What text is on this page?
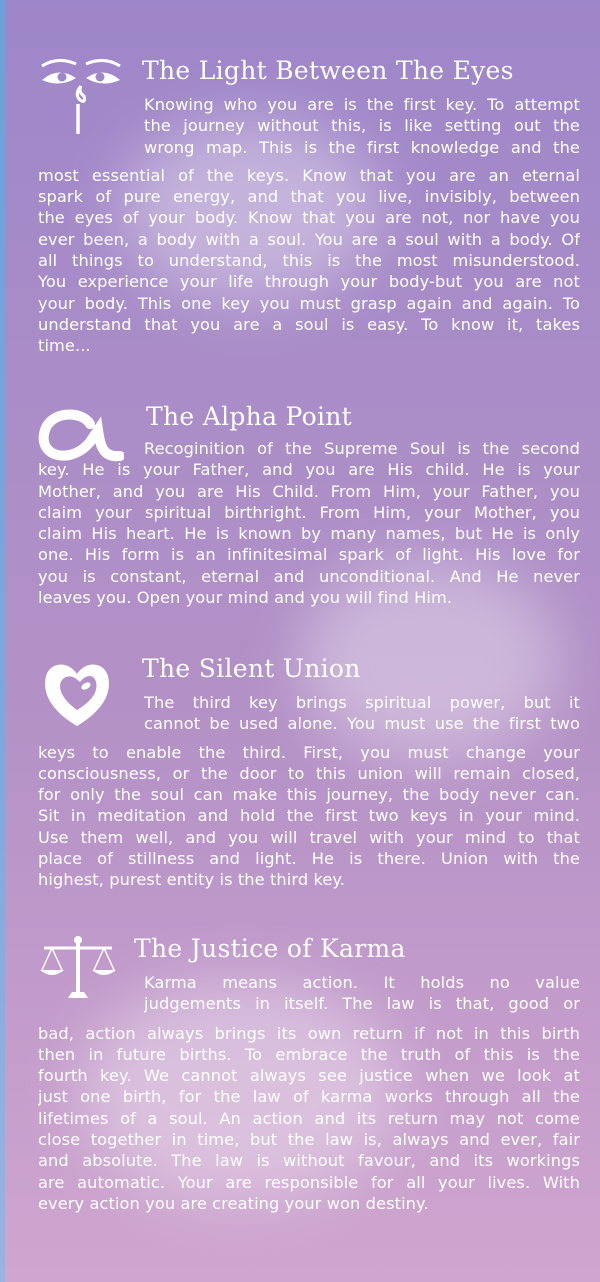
The Light Between The Eyes
Knowing who you are is the first key. To attempt
the journey without this, is like setting out the
wrong map. This is the first knowledge and the
most essential of the keys. Know that you are an eternal
spark of pure energy, and that you live, invisibly, between
the eyes of your body. Know that you are not, nor have you
ever been, a body with a soul. You are a soul with a body. Of
all things to understand, this is the most misunderstood.
You experience your life through your body-but you are not
your body. This one key you must grasp again and again. To
understand that you are a soul is easy. To know it, takes
time...
The Alpha Point
Recoginition of the Supreme Soul is the second
key. He is your Father, and you are His child. He is your
Mother, and you are His Child. From Him, your Father, you
claim your spiritual birthright. From Him, your Mother, you
claim His heart. He is known by many names, but He is only
one. His form is an infinitesimal spark of light. His love for
you is constant, eternal and unconditional. And He never
leaves you. Open your mind and you will find Him.
The Silent Union
The third key brings spiritual power, but it
cannot be used alone. You must use the first two
keys to enable the third. First, you must change your
consciousness, or the door to this union will remain closed,
for only the soul can make this journey, the body never can.
Sit in meditation and hold the first two keys in your mind.
Use them well, and you will travel with your mind to that
place of stillness and light. He is there. Union with the
highest, purest entity is the third key.
The Justice of Karma
Karma means action. It holds no value
judgements in itself. The law is that, good or
bad, action always brings its own return if not in this birth
then in future births. To embrace the truth of this is the
fourth key. We cannot always see justice when we look at
just one birth, for the law of karma works through all the
lifetimes of a soul. An action and its return may not come
close together in time, but the law is, always and ever, fair
and absolute. The law is without favour, and its workings
are automatic. Your are responsible for all your lives. With
every action you are creating your won destiny.
